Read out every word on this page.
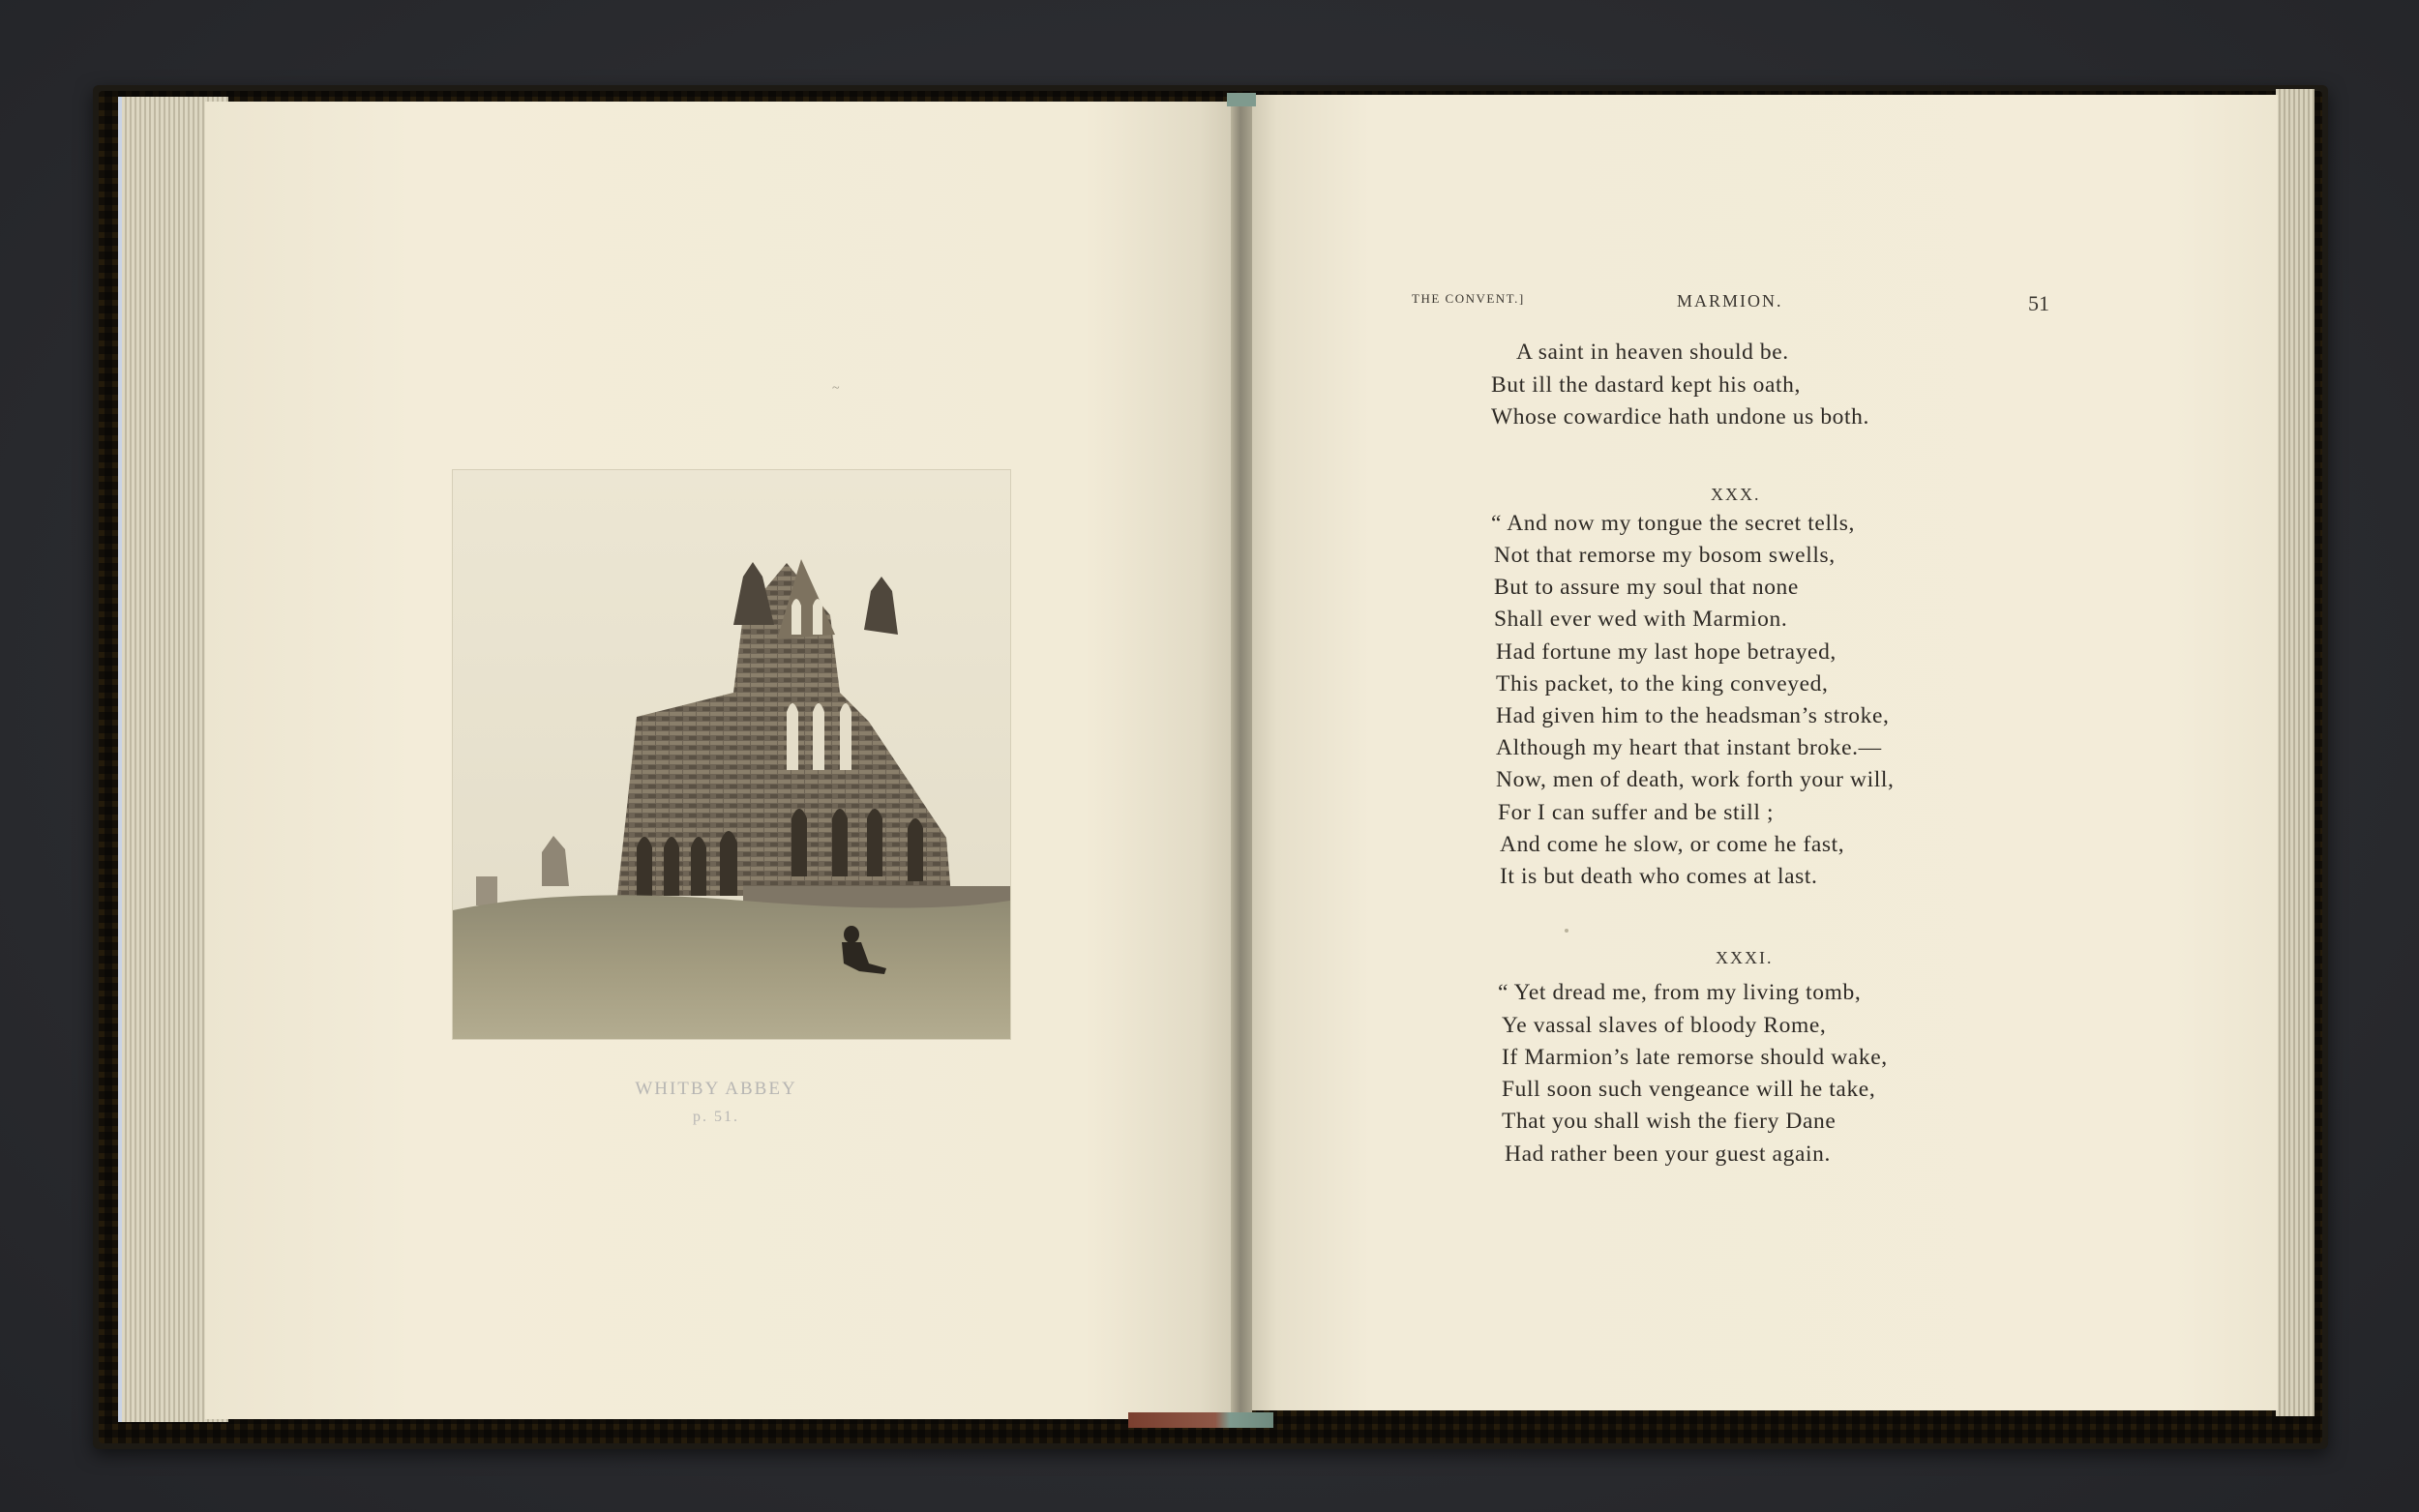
WHITBY ABBEY
p. 51.
THE CONVENT.]	MARMION.	51
A saint in heaven should be.
But ill the dastard kept his oath,
Whose cowardice hath undone us both.
XXX.
“ And now my tongue the secret tells,
Not that remorse my bosom swells,
But to assure my soul that none
Shall ever wed with Marmion.
Had fortune my last hope betrayed,
This packet, to the king conveyed,
Had given him to the headsman’s stroke,
Although my heart that instant broke.—
Now, men of death, work forth your will,
For I can suffer and be still ;
And come he slow, or come he fast,
It is but death who comes at last.
XXXI.
“ Yet dread me, from my living tomb,
Ye vassal slaves of bloody Rome,
If Marmion’s late remorse should wake,
Full soon such vengeance will he take,
That you shall wish the fiery Dane
Had rather been your guest again.
